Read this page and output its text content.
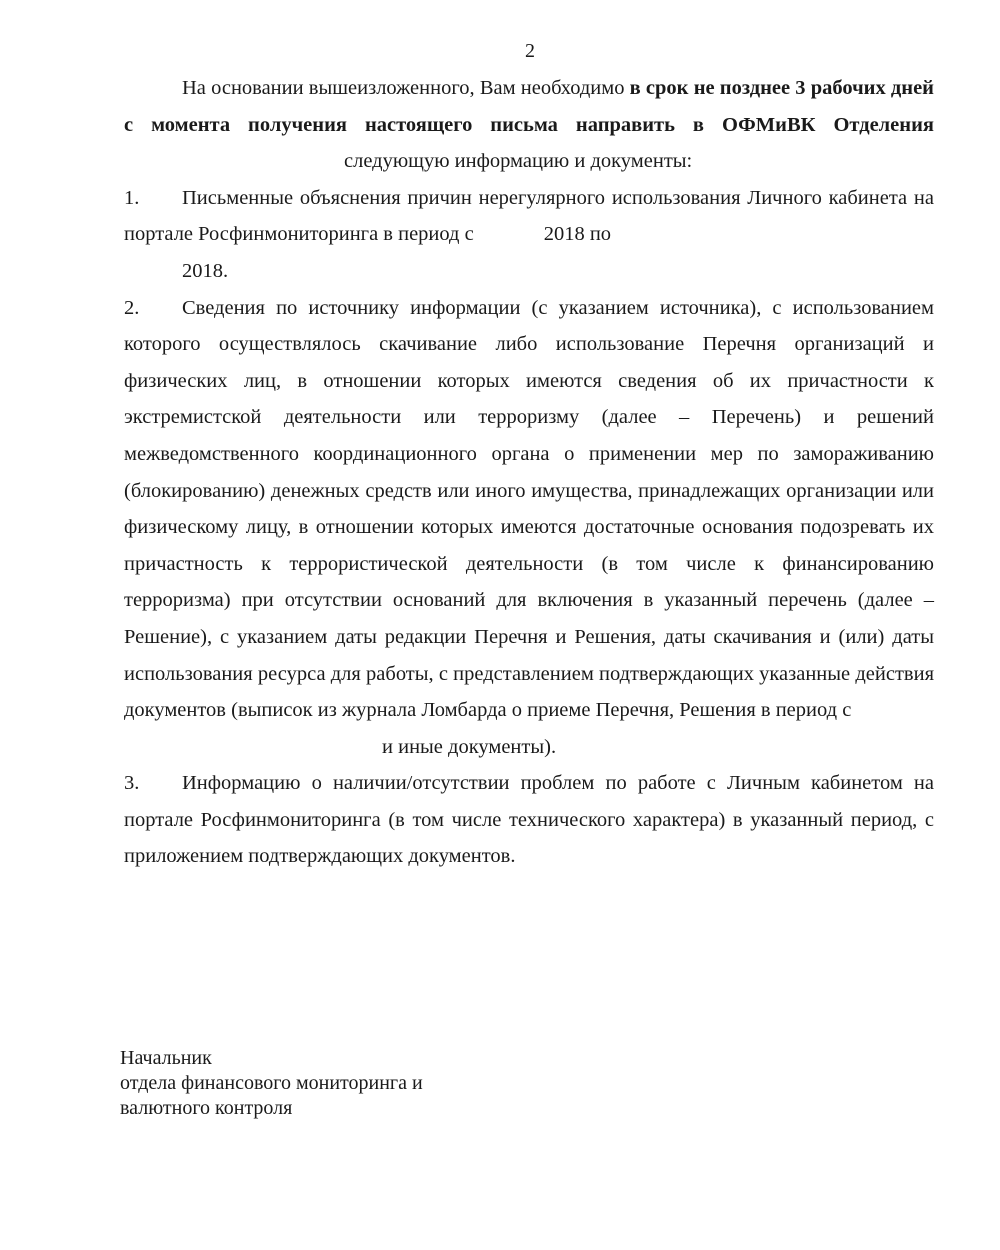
2

На основании вышеизложенного, Вам необходимо в срок не позднее 3 рабочих дней с момента получения настоящего письма направить в ОФМиВК Отделенияследующую информацию и документы:

1. Письменные объяснения причин нерегулярного использования Личного кабинета на портале Росфинмониторинга в период с	2018 по
2018.

2. Сведения по источнику информации (с указанием источника), с использованием которого осуществлялось скачивание либо использование Перечня организаций и физических лиц, в отношении которых имеются сведения об их причастности к экстремистской деятельности или терроризму (далее – Перечень) и решений межведомственного координационного органа о применении мер по замораживанию (блокированию) денежных средств или иного имущества, принадлежащих организации или физическому лицу, в отношении которых имеются достаточные основания подозревать их причастность к террористической деятельности (в том числе к финансированию терроризма) при отсутствии оснований для включения в указанный перечень (далее – Решение), с указанием даты редакции Перечня и Решения, даты скачивания и (или) даты использования ресурса для работы, с представлением подтверждающих указанные действия документов (выписок из журнала Ломбарда о приеме Перечня, Решения в период с
и иные документы).

3. Информацию о наличии/отсутствии проблем по работе с Личным кабинетом на портале Росфинмониторинга (в том числе технического характера) в указанный период, с приложением подтверждающих документов.

Начальник
отдела финансового мониторинга и
валютного контроля
